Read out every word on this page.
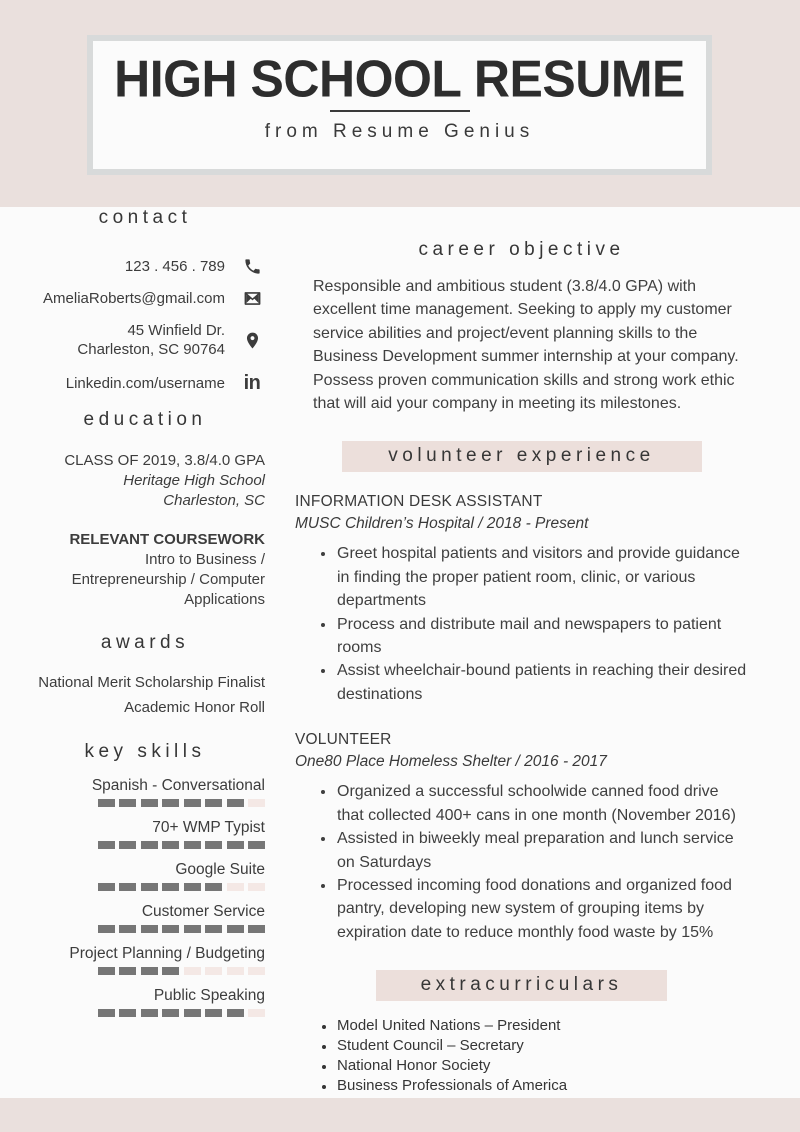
HIGH SCHOOL RESUME
from Resume Genius
contact
123 . 456 . 789
AmeliaRoberts@gmail.com
45 Winfield Dr.
Charleston, SC 90764
Linkedin.com/username in
education
CLASS OF 2019, 3.8/4.0 GPA
Heritage High School
Charleston, SC
RELEVANT COURSEWORK
Intro to Business / Entrepreneurship / Computer Applications
awards
National Merit Scholarship Finalist
Academic Honor Roll
key skills
Spanish - Conversational
70+ WMP Typist
Google Suite
Customer Service
Project Planning / Budgeting
Public Speaking
career objective

Responsible and ambitious student (3.8/4.0 GPA) with excellent time management. Seeking to apply my customer service abilities and project/event planning skills to the Business Development summer internship at your company. Possess proven communication skills and strong work ethic that will aid your company in meeting its milestones.

volunteer experience
INFORMATION DESK ASSISTANT
MUSC Children’s Hospital / 2018 - Present
• Greet hospital patients and visitors and provide guidance in finding the proper patient room, clinic, or various departments
• Process and distribute mail and newspapers to patient rooms
• Assist wheelchair-bound patients in reaching their desired destinations
VOLUNTEER
One80 Place Homeless Shelter / 2016 - 2017
• Organized a successful schoolwide canned food drive that collected 400+ cans in one month (November 2016)
• Assisted in biweekly meal preparation and lunch service on Saturdays
• Processed incoming food donations and organized food pantry, developing new system of grouping items by expiration date to reduce monthly food waste by 15%
extracurriculars
• Model United Nations – President
• Student Council – Secretary
• National Honor Society
• Business Professionals of America
